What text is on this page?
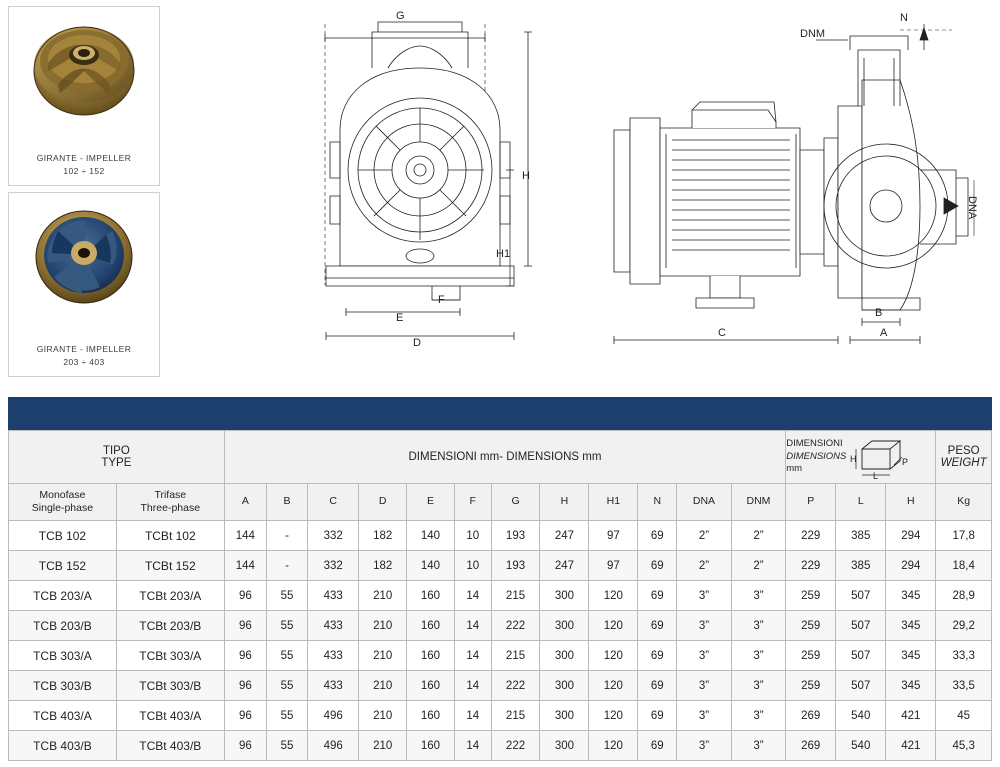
GIRANTE - IMPELLER
102 ÷ 152
GIRANTE - IMPELLER
203 ÷ 403
G
H
H1
F
E
D
DNM
N
DNA
B
A
C
TIPO
TYPE	DIMENSIONI mm- DIMENSIONS mm	
DIMENSIONI
DIMENSIONS
mm
H
L
P

PESO
WEIGHT

Monofase
Single-phase

Trifase
Three-phase
	A	B	C	D	E	F	G	H	H1	N	DNA	DNM	P	L	H	Kg
TCB 102	TCBt 102	144	-	332	182	140	10	193	247	97	69	2”	2”	229	385	294	17,8
TCB 152	TCBt 152	144	-	332	182	140	10	193	247	97	69	2”	2”	229	385	294	18,4
TCB 203/A	TCBt 203/A	96	55	433	210	160	14	215	300	120	69	3”	3”	259	507	345	28,9
TCB 203/B	TCBt 203/B	96	55	433	210	160	14	222	300	120	69	3”	3”	259	507	345	29,2
TCB 303/A	TCBt 303/A	96	55	433	210	160	14	215	300	120	69	3”	3”	259	507	345	33,3
TCB 303/B	TCBt 303/B	96	55	433	210	160	14	222	300	120	69	3”	3”	259	507	345	33,5
TCB 403/A	TCBt 403/A	96	55	496	210	160	14	215	300	120	69	3”	3”	269	540	421	45
TCB 403/B	TCBt 403/B	96	55	496	210	160	14	222	300	120	69	3”	3”	269	540	421	45,3
